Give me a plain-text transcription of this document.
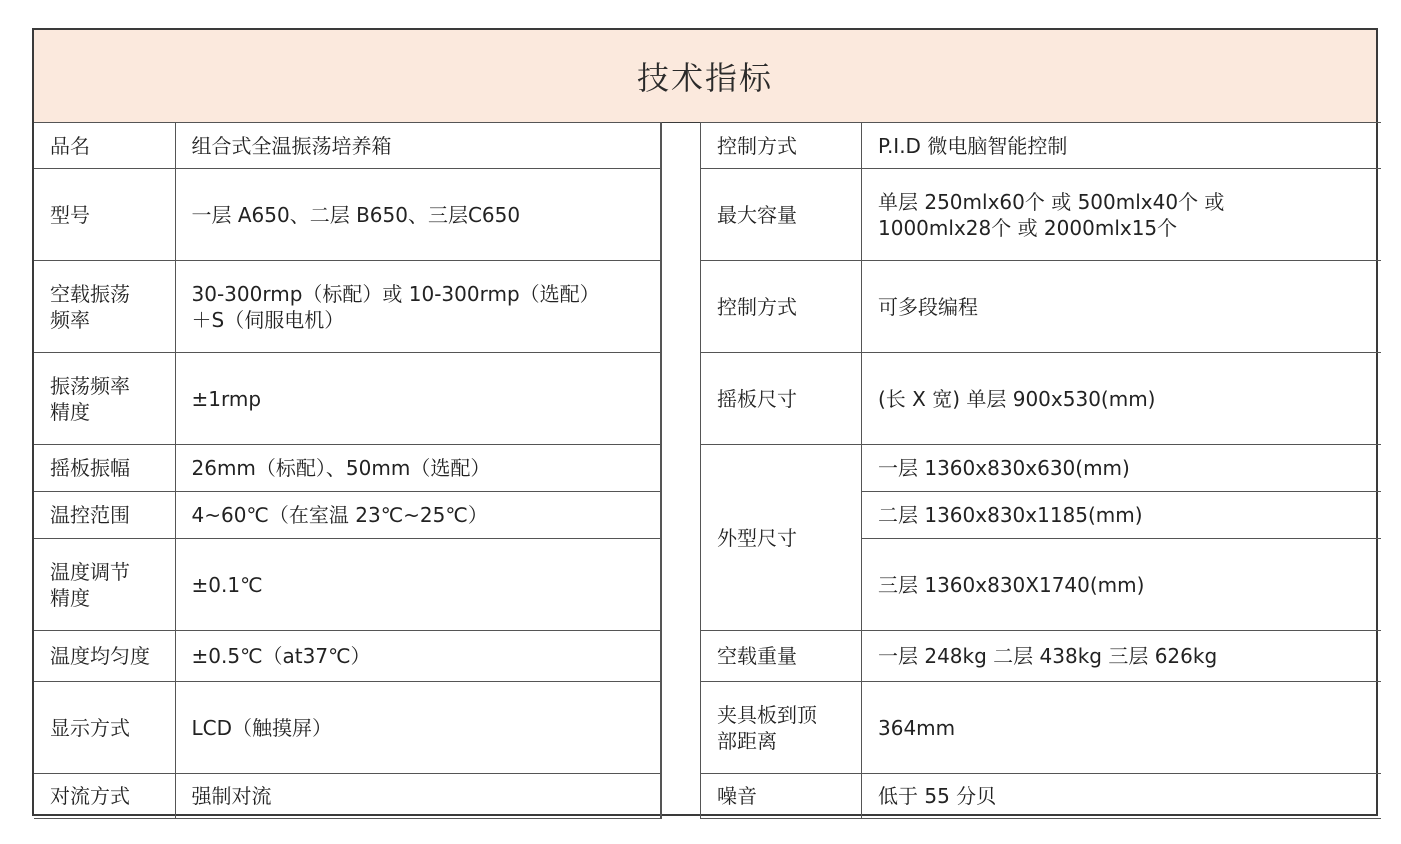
技术指标
品名	组合式全温振荡培养箱
型号	一层 A650、二层 B650、三层C650
空载振荡
频率	30-300rmp（标配）或 10-300rmp（选配）
＋S（伺服电机）
振荡频率
精度	±1rmp
摇板振幅	26mm（标配）、50mm（选配）
温控范围	4~60℃（在室温 23℃~25℃）
温度调节
精度	±0.1℃
温度均匀度	±0.5℃（at37℃）
显示方式	LCD（触摸屏）
对流方式	强制对流
控制方式	P.I.D 微电脑智能控制
最大容量	单层 250mlx60个 或 500mlx40个 或
1000mlx28个 或 2000mlx15个
控制方式	可多段编程
摇板尺寸	(长 X 宽) 单层 900x530(mm)
外型尺寸	一层 1360x830x630(mm)
	二层 1360x830x1185(mm)
	三层 1360x830X1740(mm)
空载重量	一层 248kg 二层 438kg 三层 626kg
夹具板到顶
部距离	364mm
噪音	低于 55 分贝
